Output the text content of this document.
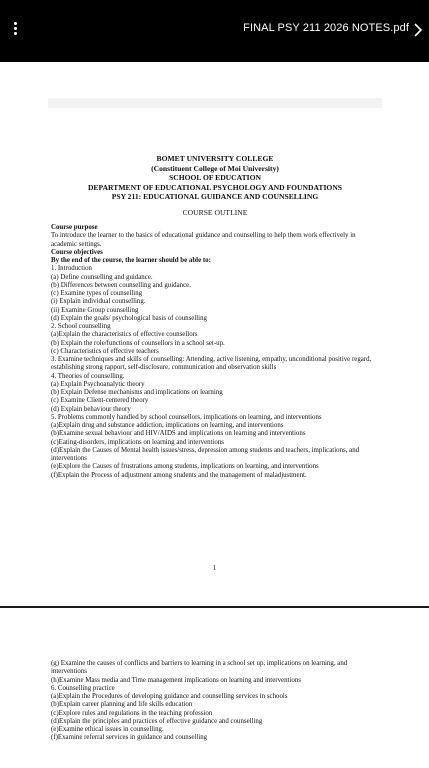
FINAL PSY 211 2026 NOTES.pdf
BOMET UNIVERSITY COLLEGE
(Constituent College of Moi University)
SCHOOL OF EDUCATION
DEPARTMENT OF EDUCATIONAL PSYCHOLOGY AND FOUNDATIONS
PSY 211: EDUCATIONAL GUIDANCE AND COUNSELLING
COURSE OUTLINE
Course purpose
To introduce the learner to the basics of educational guidance and counselling to help them work effectively in academic settings.
Course objectives
By the end of the course, the learner should be able to:
1. Introduction
(a) Define counselling and guidance.
(b) Differences between counselling and guidance.
(c) Examine types of counselling
(i) Explain individual counselling.
(ii) Examine Group counselling
(d) Explain the goals/ psychological basis of counselling
2. School counselling
(a)Explain the characteristics of effective counsellors
(b) Explain the role/functions of counsellors in a school set-up.
(c) Characteristics of effective teachers
3. Examine techniques and skills of counselling: Attending, active listening, empathy, unconditional positive regard, establishing strong rapport, self-disclosure, communication and observation skills
4. Theories of counselling.
(a) Explain Psychoanalytic theory
(b) Explain Defense mechanisms and implications on learning
(c) Examine Client-centered theory
(d) Explain behaviour theory
5. Problems commonly handled by school counsellors, implications on learning, and interventions
(a)Explain drug and substance addiction, implications on learning, and interventions
(b)Examine sexual behaviour and HIV/AIDS and implications on learning and interventions
(c)Eating-disorders, implications on learning and interventions
(d)Explain the Causes of Mental health issues/stress, depression among students and teachers, implications, and interventions
(e)Explore the Causes of frustrations among students, implications on learning, and interventions
(f)Explain the Process of adjustment among students and the management of maladjustment.
1
(g) Examine the causes of conflicts and barriers to learning in a school set up, implications on learning, and interventions
(h)Examine Mass media and Time management implications on learning and interventions
6. Counselling practice
(a)Explain the Procedures of developing guidance and counselling services in schools
(b)Explain career planning and life skills education
(c)Explore rules and regulations in the teaching profession
(d)Explain the principles and practices of effective guidance and counselling
(e)Examine ethical issues in counselling.
(f)Examine referral services in guidance and counselling
